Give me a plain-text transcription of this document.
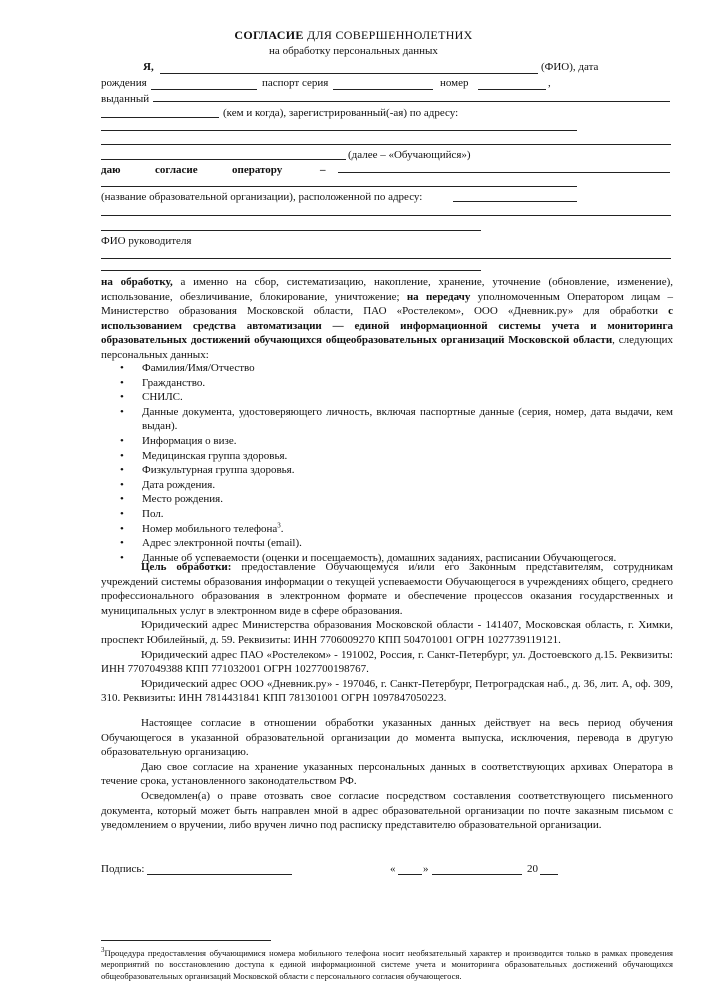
СОГЛАСИЕ ДЛЯ СОВЕРШЕННОЛЕТНИХ
на обработку персональных данных
Я,	(ФИО), дата
рождения	паспорт серия	номер	,
выданный
(кем и когда), зарегистрированный(-ая) по адресу:
(далее – «Обучающийся»)
даю	согласие	оператору	–
(название образовательной организации), расположенной по адресу:
ФИО руководителя
на обработку, а именно на сбор, систематизацию, накопление, хранение, уточнение (обновление, изменение), использование, обезличивание, блокирование, уничтожение; на передачу уполномоченным Оператором лицам – Министерство образования Московской области, ПАО «Ростелеком», ООО «Дневник.ру» для обработки с использованием средства автоматизации — единой информационной системы учета и мониторинга образовательных достижений обучающихся общеобразовательных организаций Московской области, следующих персональных данных:
• Фамилия/Имя/Отчество
• Гражданство.
• СНИЛС.
• Данные документа, удостоверяющего личность, включая паспортные данные (серия, номер, дата выдачи, кем выдан).
• Информация о визе.
• Медицинская группа здоровья.
• Физкультурная группа здоровья.
• Дата рождения.
• Место рождения.
• Пол.
• Номер мобильного телефона$^3$.
• Адрес электронной почты (email).
• Данные об успеваемости (оценки и посещаемость), домашних заданиях, расписании Обучающегося.

Цель обработки: предоставление Обучающемуся и/или его Законным представителям, сотрудникам учреждений системы образования информации о текущей успеваемости Обучающегося в учреждениях общего, среднего профессионального образования в электронном формате и обеспечение процессов оказания государственных и муниципальных услуг в электронном виде в сфере образования.

Юридический адрес Министерства образования Московской области - 141407, Московская область, г. Химки, проспект Юбилейный, д. 59. Реквизиты: ИНН 7706009270 КПП 504701001 ОГРН 1027739119121.

Юридический адрес ПАО «Ростелеком» - 191002, Россия, г. Санкт-Петербург, ул. Достоевского д.15. Реквизиты: ИНН 7707049388 КПП 771032001 ОГРН 1027700198767.

Юридический адрес ООО «Дневник.ру» - 197046, г. Санкт-Петербург, Петроградская наб., д. 36, лит. А, оф. 309, 310. Реквизиты: ИНН 7814431841 КПП 781301001 ОГРН 1097847050223.

Настоящее согласие в отношении обработки указанных данных действует на весь период обучения Обучающегося в указанной образовательной организации до момента выпуска, исключения, перевода в другую образовательную организацию.

Даю свое согласие на хранение указанных персональных данных в соответствующих архивах Оператора в течение срока, установленного законодательством РФ.

Осведомлен(а) о праве отозвать свое согласие посредством составления соответствующего письменного документа, который может быть направлен мной в адрес образовательной организации по почте заказным письмом с уведомлением о вручении, либо вручен лично под расписку представителю образовательной организации.

Подпись:	«	»	20
$^3$Процедура предоставления обучающимися номера мобильного телефона носит необязательный характер и производится только в рамках проведения мероприятий по восстановлению доступа к единой информационной системе учета и мониторинга образовательных достижений обучающихся общеобразовательных организаций Московской области с персонального согласия обучающегося.
